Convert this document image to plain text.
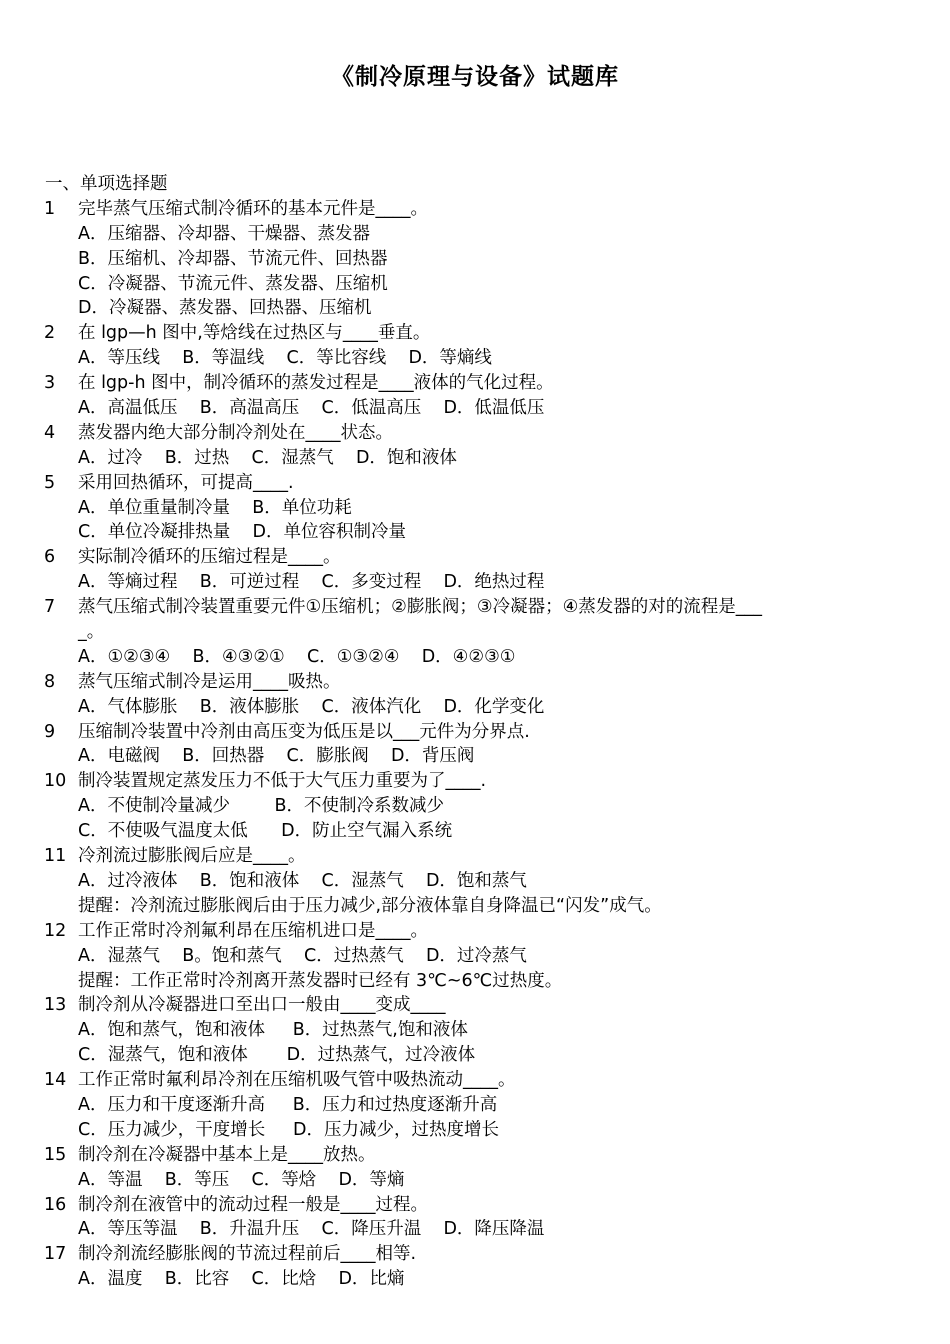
《制冷原理与设备》试题库
一、单项选择题
1	完毕蒸气压缩式制冷循环的基本元件是____。
A．压缩器、冷却器、干燥器、蒸发器
B．压缩机、冷却器、节流元件、回热器
C．冷凝器、节流元件、蒸发器、压缩机
D．冷凝器、蒸发器、回热器、压缩机
2	在 lgp—h 图中,等焓线在过热区与____垂直。
A．等压线    B．等温线    C．等比容线    D．等熵线
3	在 lgp-h 图中，制冷循环的蒸发过程是____液体的气化过程。
A．高温低压    B．高温高压    C．低温高压    D．低温低压
4	蒸发器内绝大部分制冷剂处在____状态。
A．过冷    B．过热    C．湿蒸气    D．饱和液体
5	采用回热循环，可提高____.
A．单位重量制冷量    B．单位功耗
C．单位冷凝排热量    D．单位容积制冷量
6	实际制冷循环的压缩过程是____。
A．等熵过程    B．可逆过程    C．多变过程    D．绝热过程
7	蒸气压缩式制冷装置重要元件①压缩机；②膨胀阀；③冷凝器；④蒸发器的对的流程是___
_。
A．①②③④    B．④③②①    C．①③②④    D．④②③①
8	蒸气压缩式制冷是运用____吸热。
A．气体膨胀    B．液体膨胀    C．液体汽化    D．化学变化
9	压缩制冷装置中冷剂由高压变为低压是以___元件为分界点.
A．电磁阀    B．回热器    C．膨胀阀    D．背压阀
10 制冷装置规定蒸发压力不低于大气压力重要为了____.
A．不使制冷量减少        B．不使制冷系数减少
C．不使吸气温度太低      D．防止空气漏入系统
11 冷剂流过膨胀阀后应是____。
A．过冷液体    B．饱和液体    C．湿蒸气    D．饱和蒸气
提醒：冷剂流过膨胀阀后由于压力减少,部分液体靠自身降温已“闪发”成气。
12 工作正常时冷剂氟利昂在压缩机进口是____。
A．湿蒸气    B。饱和蒸气    C．过热蒸气    D．过冷蒸气
提醒：工作正常时冷剂离开蒸发器时已经有 3℃~6℃过热度。
13 制冷剂从冷凝器进口至出口一般由____变成____
A．饱和蒸气，饱和液体     B．过热蒸气,饱和液体
C．湿蒸气，饱和液体       D．过热蒸气，过冷液体
14 工作正常时氟利昂冷剂在压缩机吸气管中吸热流动____。
A．压力和干度逐渐升高     B．压力和过热度逐渐升高
C．压力减少，干度增长     D．压力减少，过热度增长
15 制冷剂在冷凝器中基本上是____放热。
A．等温    B．等压    C．等焓    D．等熵
16 制冷剂在液管中的流动过程一般是____过程。
A．等压等温    B．升温升压    C．降压升温    D．降压降温
17 制冷剂流经膨胀阀的节流过程前后____相等.
A．温度    B．比容    C．比焓    D．比熵
